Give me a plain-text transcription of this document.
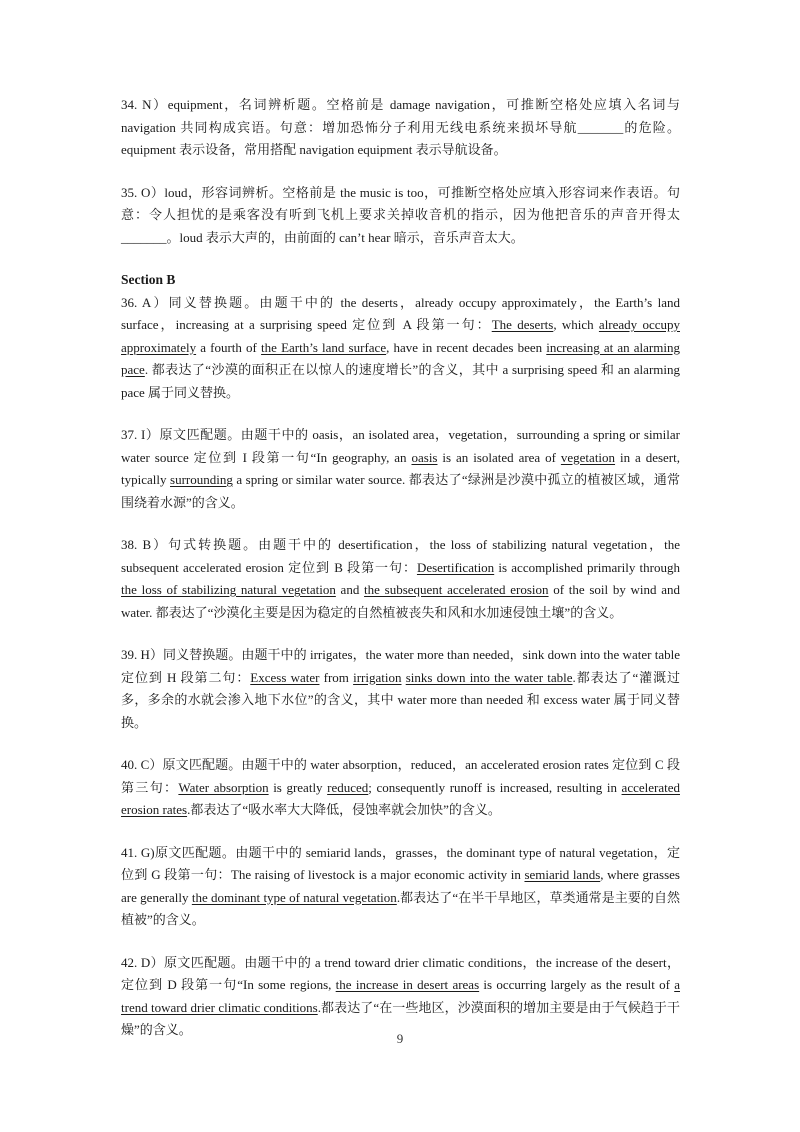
34. N）equipment，名词辨析题。空格前是 damage navigation，可推断空格处应填入名词与 navigation 共同构成宾语。句意：增加恐怖分子利用无线电系统来损坏导航_______的危险。equipment 表示设备，常用搭配 navigation equipment 表示导航设备。

35. O）loud，形容词辨析。空格前是 the music is too，可推断空格处应填入形容词来作表语。句意：令人担忧的是乘客没有听到飞机上要求关掉收音机的指示，因为他把音乐的声音开得太_______。loud 表示大声的，由前面的 can’t hear 暗示，音乐声音太大。

Section B

36. A）同义替换题。由题干中的 the deserts，already occupy approximately，the Earth’s land surface，increasing at a surprising speed 定位到 A 段第一句：The deserts, which already occupy approximately a fourth of the Earth’s land surface, have in recent decades been increasing at an alarming pace. 都表达了“沙漠的面积正在以惊人的速度增长”的含义，其中 a surprising speed 和 an alarming pace 属于同义替换。

37. I）原文匹配题。由题干中的 oasis，an isolated area，vegetation，surrounding a spring or similar water source 定位到 I 段第一句“In geography, an oasis is an isolated area of vegetation in a desert, typically surrounding a spring or similar water source. 都表达了“绿洲是沙漠中孤立的植被区域，通常围绕着水源”的含义。

38. B）句式转换题。由题干中的 desertification，the loss of stabilizing natural vegetation，the subsequent accelerated erosion 定位到 B 段第一句：Desertification is accomplished primarily through the loss of stabilizing natural vegetation and the subsequent accelerated erosion of the soil by wind and water. 都表达了“沙漠化主要是因为稳定的自然植被丧失和风和水加速侵蚀土壤”的含义。

39. H）同义替换题。由题干中的 irrigates，the water more than needed，sink down into the water table 定位到 H 段第二句：Excess water from irrigation sinks down into the water table.都表达了“灌溉过多，多余的水就会渗入地下水位”的含义，其中 water more than needed 和 excess water 属于同义替换。

40. C）原文匹配题。由题干中的 water absorption，reduced，an accelerated erosion rates 定位到 C 段第三句：Water absorption is greatly reduced; consequently runoff is increased, resulting in accelerated erosion rates.都表达了“吸水率大大降低，侵蚀率就会加快”的含义。

41. G)原文匹配题。由题干中的 semiarid lands，grasses，the dominant type of natural vegetation，定位到 G 段第一句：The raising of livestock is a major economic activity in semiarid lands, where grasses are generally the dominant type of natural vegetation.都表达了“在半干旱地区，草类通常是主要的自然植被”的含义。

42. D）原文匹配题。由题干中的 a trend toward drier climatic conditions，the increase of the desert，定位到 D 段第一句“In some regions, the increase in desert areas is occurring largely as the result of a trend toward drier climatic conditions.都表达了“在一些地区，沙漠面积的增加主要是由于气候趋于干燥”的含义。

9
